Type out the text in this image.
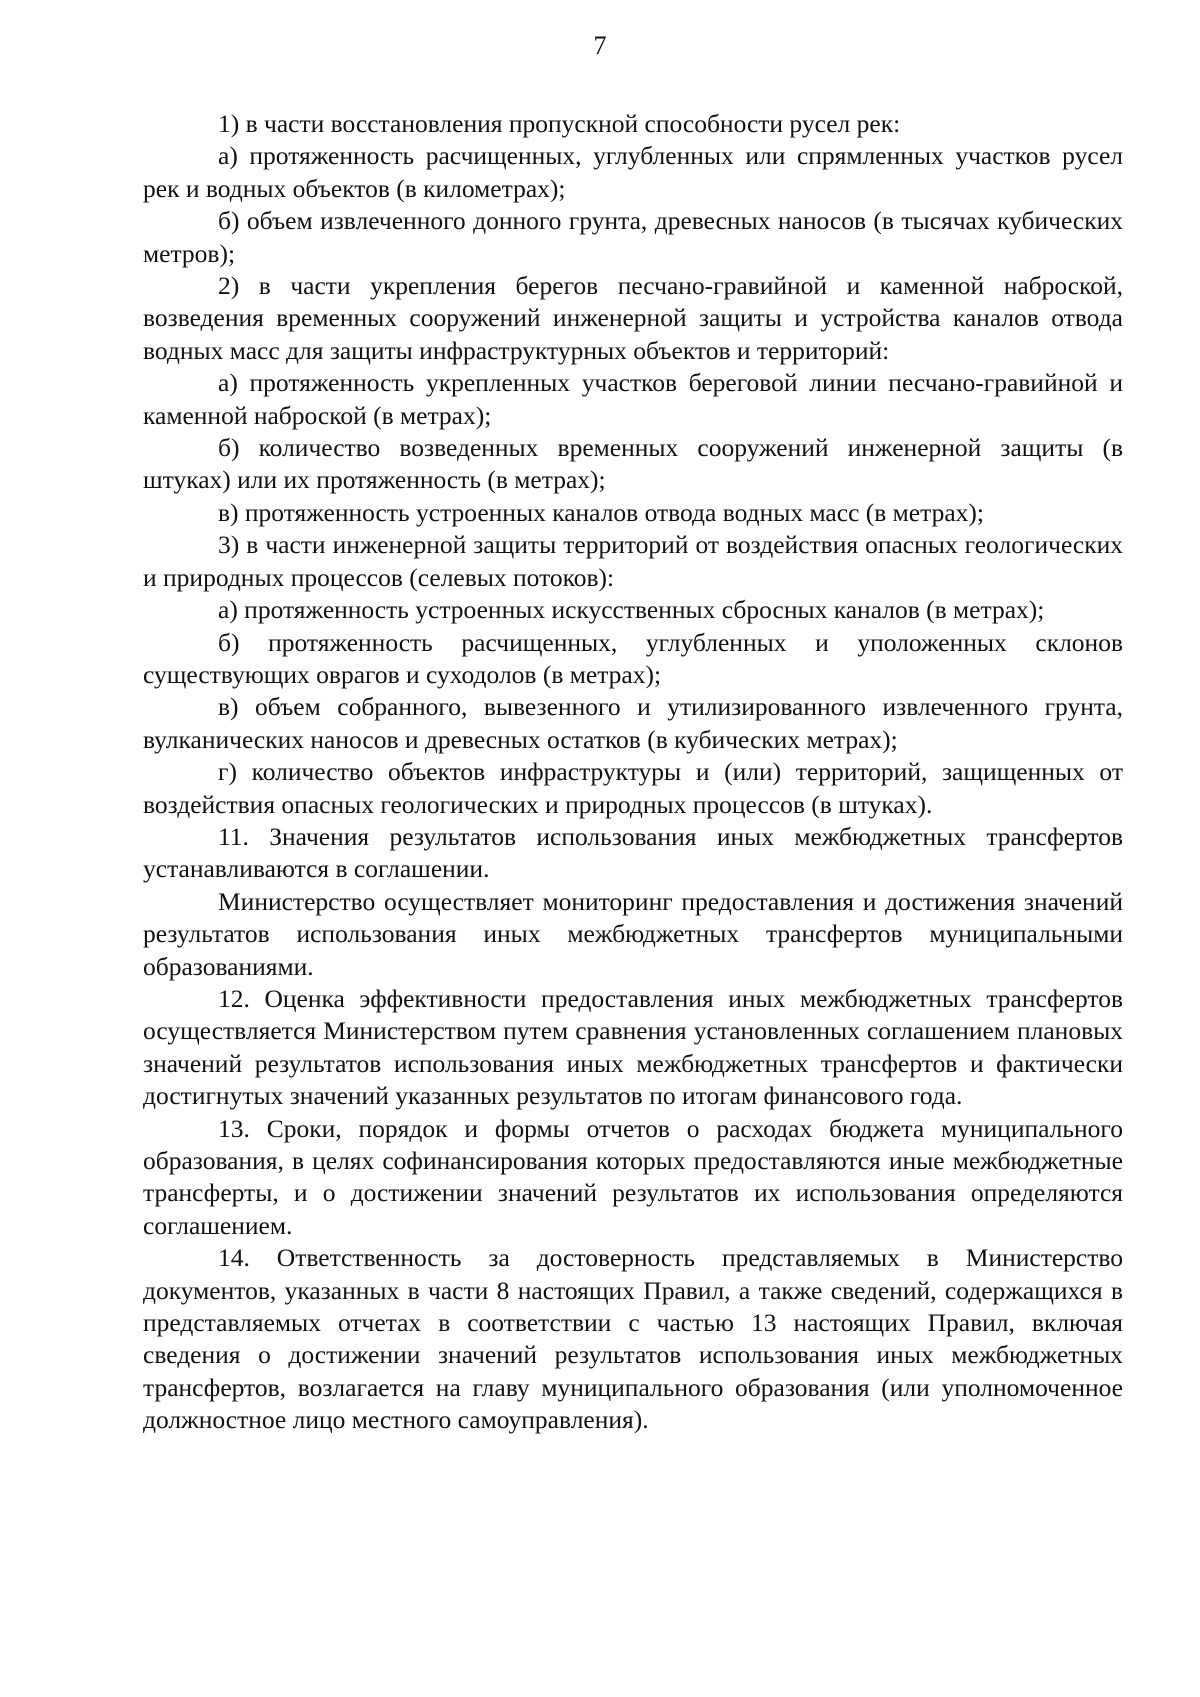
7

1) в части восстановления пропускной способности русел рек:

а) протяженность расчищенных, углубленных или спрямленных участков русел рек и водных объектов (в километрах);

б) объем извлеченного донного грунта, древесных наносов (в тысячах кубических метров);

2) в части укрепления берегов песчано-гравийной и каменной наброской, возведения временных сооружений инженерной защиты и устройства каналов отвода водных масс для защиты инфраструктурных объектов и территорий:

а) протяженность укрепленных участков береговой линии песчано-гравийной и каменной наброской (в метрах);

б) количество возведенных временных сооружений инженерной защиты (в штуках) или их протяженность (в метрах);

в) протяженность устроенных каналов отвода водных масс (в метрах);

3) в части инженерной защиты территорий от воздействия опасных геологических и природных процессов (селевых потоков):

а) протяженность устроенных искусственных сбросных каналов (в метрах);

б) протяженность расчищенных, углубленных и уположенных склонов существующих оврагов и суходолов (в метрах);

в) объем собранного, вывезенного и утилизированного извлеченного грунта, вулканических наносов и древесных остатков (в кубических метрах);

г) количество объектов инфраструктуры и (или) территорий, защищенных от воздействия опасных геологических и природных процессов (в штуках).

11. Значения результатов использования иных межбюджетных трансфертов устанавливаются в соглашении.

Министерство осуществляет мониторинг предоставления и достижения значений результатов использования иных межбюджетных трансфертов муниципальными образованиями.

12. Оценка эффективности предоставления иных межбюджетных трансфертов осуществляется Министерством путем сравнения установленных соглашением плановых значений результатов использования иных межбюджетных трансфертов и фактически достигнутых значений указанных результатов по итогам финансового года.

13. Сроки, порядок и формы отчетов о расходах бюджета муниципального образования, в целях софинансирования которых предоставляются иные межбюджетные трансферты, и о достижении значений результатов их использования определяются соглашением.

14. Ответственность за достоверность представляемых в Министерство документов, указанных в части 8 настоящих Правил, а также сведений, содержащихся в представляемых отчетах в соответствии с частью 13 настоящих Правил, включая сведения о достижении значений результатов использования иных межбюджетных трансфертов, возлагается на главу муниципального образования (или уполномоченное должностное лицо местного самоуправления).
